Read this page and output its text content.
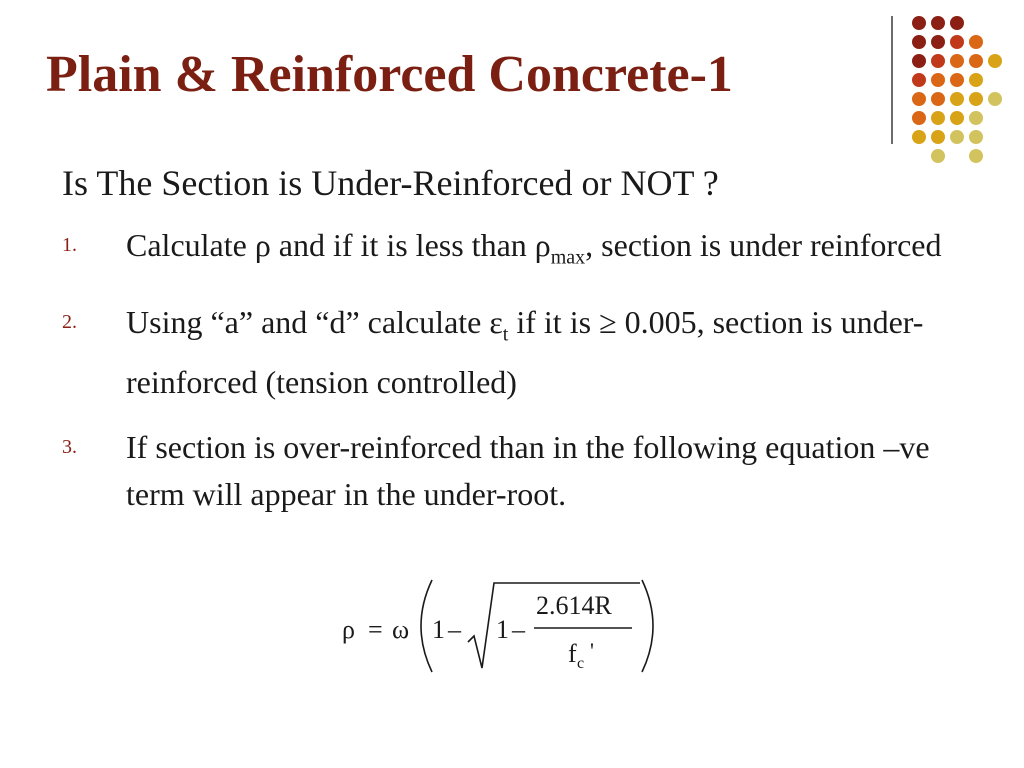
Plain & Reinforced Concrete-1
Is The Section is Under-Reinforced or NOT ?
1. Calculate ρ and if it is less than $\rho_{max}$, section is under reinforced
2. Using “a” and “d” calculate $\varepsilon_t$ if it is ≥ 0.005, section is under-reinforced (tension controlled)
3. If section is over-reinforced than in the following equation –ve term will appear in the under-root.
ρ = ω 1 – 1 –
2.614R
f c
'
